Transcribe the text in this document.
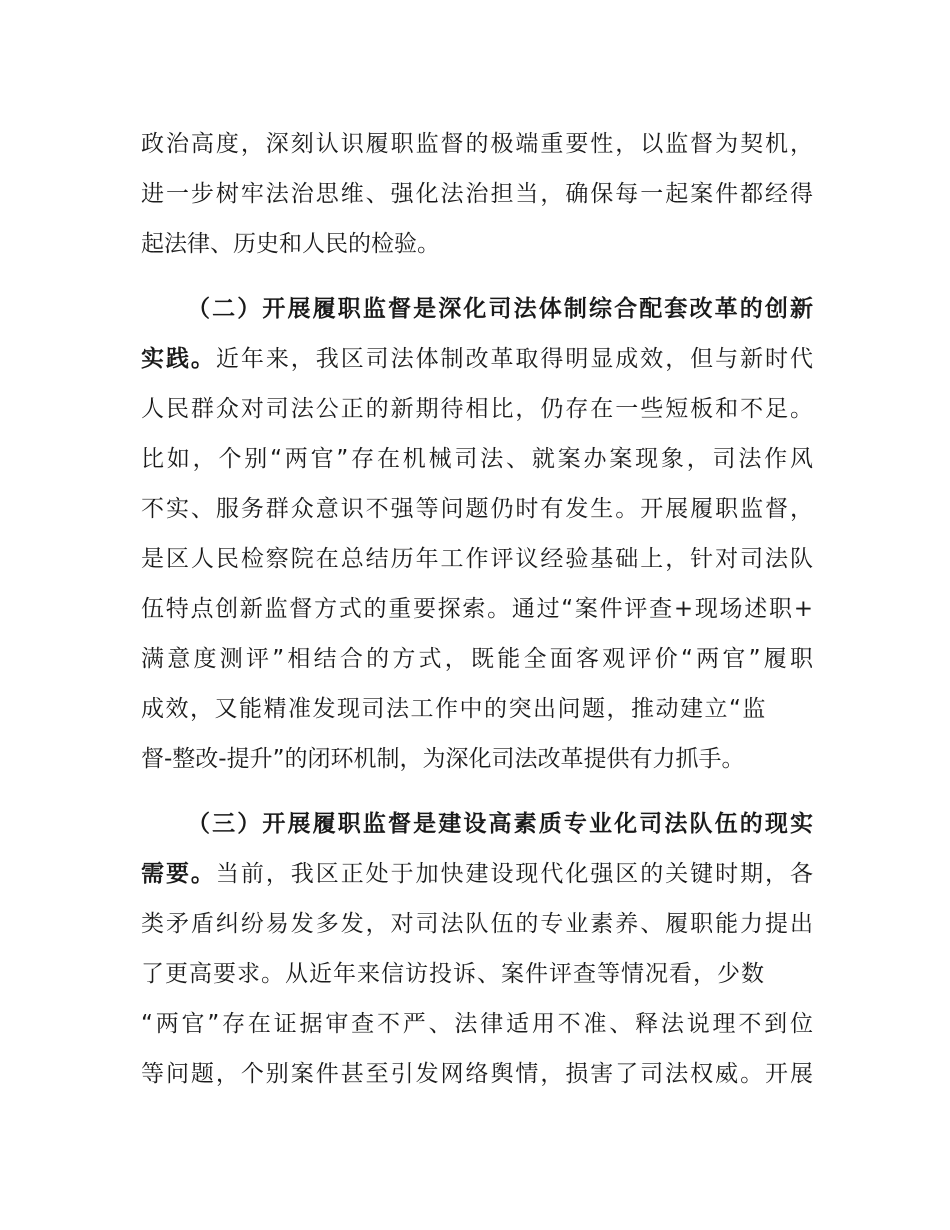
政治高度，深刻认识履职监督的极端重要性，以监督为契机，
进一步树牢法治思维、强化法治担当，确保每一起案件都经得
起法律、历史和人民的检验。
（二）开展履职监督是深化司法体制综合配套改革的创新
实践。近年来，我区司法体制改革取得明显成效，但与新时代
人民群众对司法公正的新期待相比，仍存在一些短板和不足。
比如，个别“两官”存在机械司法、就案办案现象，司法作风
不实、服务群众意识不强等问题仍时有发生。开展履职监督，
是区人民检察院在总结历年工作评议经验基础上，针对司法队
伍特点创新监督方式的重要探索。通过“案件评查+现场述职+
满意度测评”相结合的方式，既能全面客观评价“两官”履职
成效，又能精准发现司法工作中的突出问题，推动建立“监
督-整改-提升”的闭环机制，为深化司法改革提供有力抓手。
（三）开展履职监督是建设高素质专业化司法队伍的现实
需要。当前，我区正处于加快建设现代化强区的关键时期，各
类矛盾纠纷易发多发，对司法队伍的专业素养、履职能力提出
了更高要求。从近年来信访投诉、案件评查等情况看，少数
“两官”存在证据审查不严、法律适用不准、释法说理不到位
等问题，个别案件甚至引发网络舆情，损害了司法权威。开展
